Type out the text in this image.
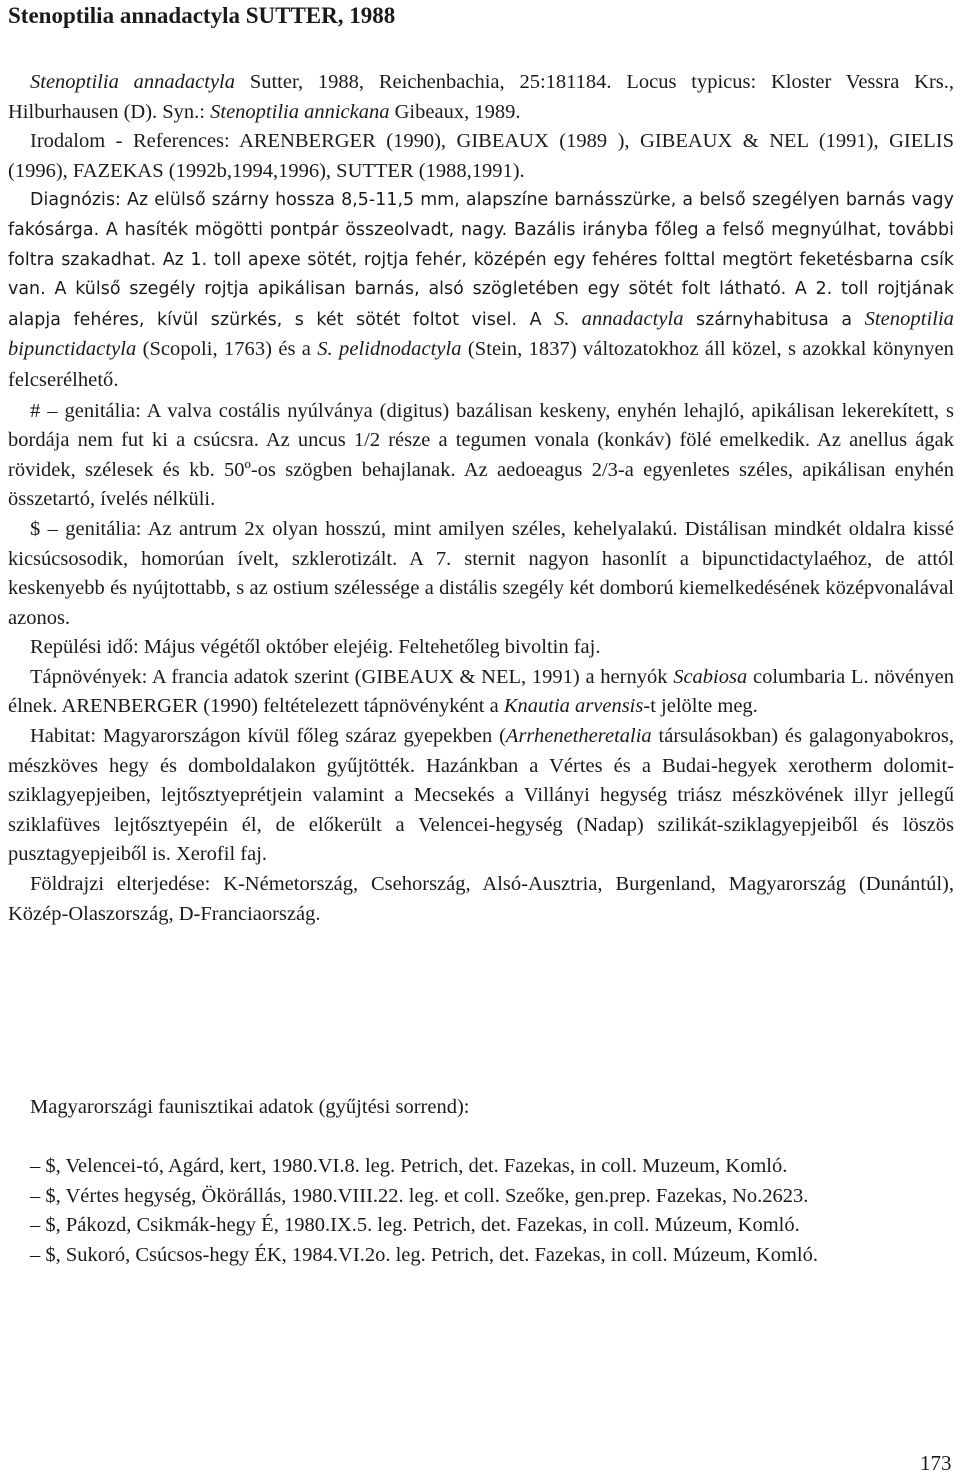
Stenoptilia annadactyla SUTTER, 1988

Stenoptilia annadactyla Sutter, 1988, Reichenbachia, 25:181184. Locus typicus: Kloster Vessra Krs., Hilburhausen (D). Syn.: Stenoptilia annickana Gibeaux, 1989.

Irodalom - References: ARENBERGER (1990), GIBEAUX (1989 ), GIBEAUX & NEL (1991), GIELIS (1996), FAZEKAS (1992b,1994,1996), SUTTER (1988,1991).

Diagnózis: Az elülső szárny hossza 8,5-11,5 mm, alapszíne barnásszürke, a belső szegélyen barnás vagy fakósárga. A hasíték mögötti pontpár összeolvadt, nagy. Bazális irányba főleg a felső megnyúlhat, további foltra szakadhat. Az 1. toll apexe sötét, rojtja fehér, középén egy fehéres folttal megtört feketésbarna csík van. A külső szegély rojtja apikálisan barnás, alsó szögletében egy sötét folt látható. A 2. toll rojtjának alapja fehéres, kívül szürkés, s két sötét foltot visel. A S. annadactyla szárnyhabitusa a Stenoptilia bipunctidactyla (Scopoli, 1763) és a S. pelidnodactyla (Stein, 1837) változatokhoz áll közel, s azokkal könynyen felcserélhető.

# – genitália: A valva costális nyúlványa (digitus) bazálisan keskeny, enyhén lehajló, apikálisan lekerekített, s bordája nem fut ki a csúcsra. Az uncus 1/2 része a tegumen vonala (konkáv) fölé emelkedik. Az anellus ágak rövidek, szélesek és kb. 50º-os szögben behajlanak. Az aedoeagus 2/3-a egyenletes széles, apikálisan enyhén összetartó, ívelés nélküli.

$ – genitália: Az antrum 2x olyan hosszú, mint amilyen széles, kehelyalakú. Distálisan mindkét oldalra kissé kicsúcsosodik, homorúan ívelt, szklerotizált. A 7. sternit nagyon hasonlít a bipunctidactylaéhoz, de attól keskenyebb és nyújtottabb, s az ostium szélessége a distális szegély két domború kiemelkedésének középvonalával azonos.

Repülési idő: Május végétől október elejéig. Feltehetőleg bivoltin faj.

Tápnövények: A francia adatok szerint (GIBEAUX & NEL, 1991) a hernyók Scabiosa columbaria L. növényen élnek. ARENBERGER (1990) feltételezett tápnövényként a Knautia arvensis-t jelölte meg.

Habitat: Magyarországon kívül főleg száraz gyepekben (Arrhenetheretalia társulásokban) és galagonyabokros, mészköves hegy és domboldalakon gyűjtötték. Hazánkban a Vértes és a Budai-hegyek xerotherm dolomit-sziklagyepjeiben, lejtősztyeprétjein valamint a Mecsekés a Villányi hegység triász mészkövének illyr jellegű sziklafüves lejtősztyepéin él, de előkerült a Velencei-hegység (Nadap) szilikát-sziklagyepjeiből és löszös pusztagyepjeiből is. Xerofil faj.

Földrajzi elterjedése: K-Németország, Csehország, Alsó-Ausztria, Burgenland, Magyarország (Dunántúl), Közép-Olaszország, D-Franciaország.

Magyarországi faunisztikai adatok (gyűjtési sorrend):

– $, Velencei-tó, Agárd, kert, 1980.VI.8. leg. Petrich, det. Fazekas, in coll. Muzeum, Komló.

– $, Vértes hegység, Ökörállás, 1980.VIII.22. leg. et coll. Szeőke, gen.prep. Fazekas, No.2623.

– $, Pákozd, Csikmák-hegy É, 1980.IX.5. leg. Petrich, det. Fazekas, in coll. Múzeum, Komló.

– $, Sukoró, Csúcsos-hegy ÉK, 1984.VI.2o. leg. Petrich, det. Fazekas, in coll. Múzeum, Komló.

173
